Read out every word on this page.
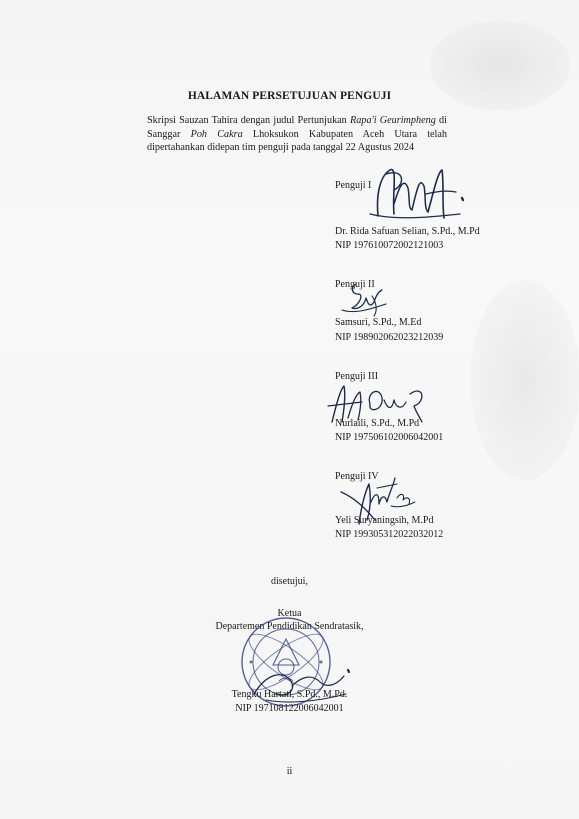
HALAMAN PERSETUJUAN PENGUJI
Skripsi Sauzan Tahira dengan judul Pertunjukan Rapa'i Geurimpheng di Sanggar Poh Cakra Lhoksukon Kabupaten Aceh Utara telah dipertahankan didepan tim penguji pada tanggal 22 Agustus 2024
Penguji I
Dr. Rida Safuan Selian, S.Pd., M.Pd
NIP 197610072002121003
Penguji II
Samsuri, S.Pd., M.Ed
NIP 198902062023212039
Penguji III
Nurlaili, S.Pd., M.Pd
NIP 197506102006042001
Penguji IV
Yeli Suryaningsih, M.Pd
NIP 199305312022032012
disetujui,
Ketua
Departemen Pendidikan Sendratasik,
Tengku Hartati, S.Pd., M.Pd.
NIP 197108122006042001
ii
